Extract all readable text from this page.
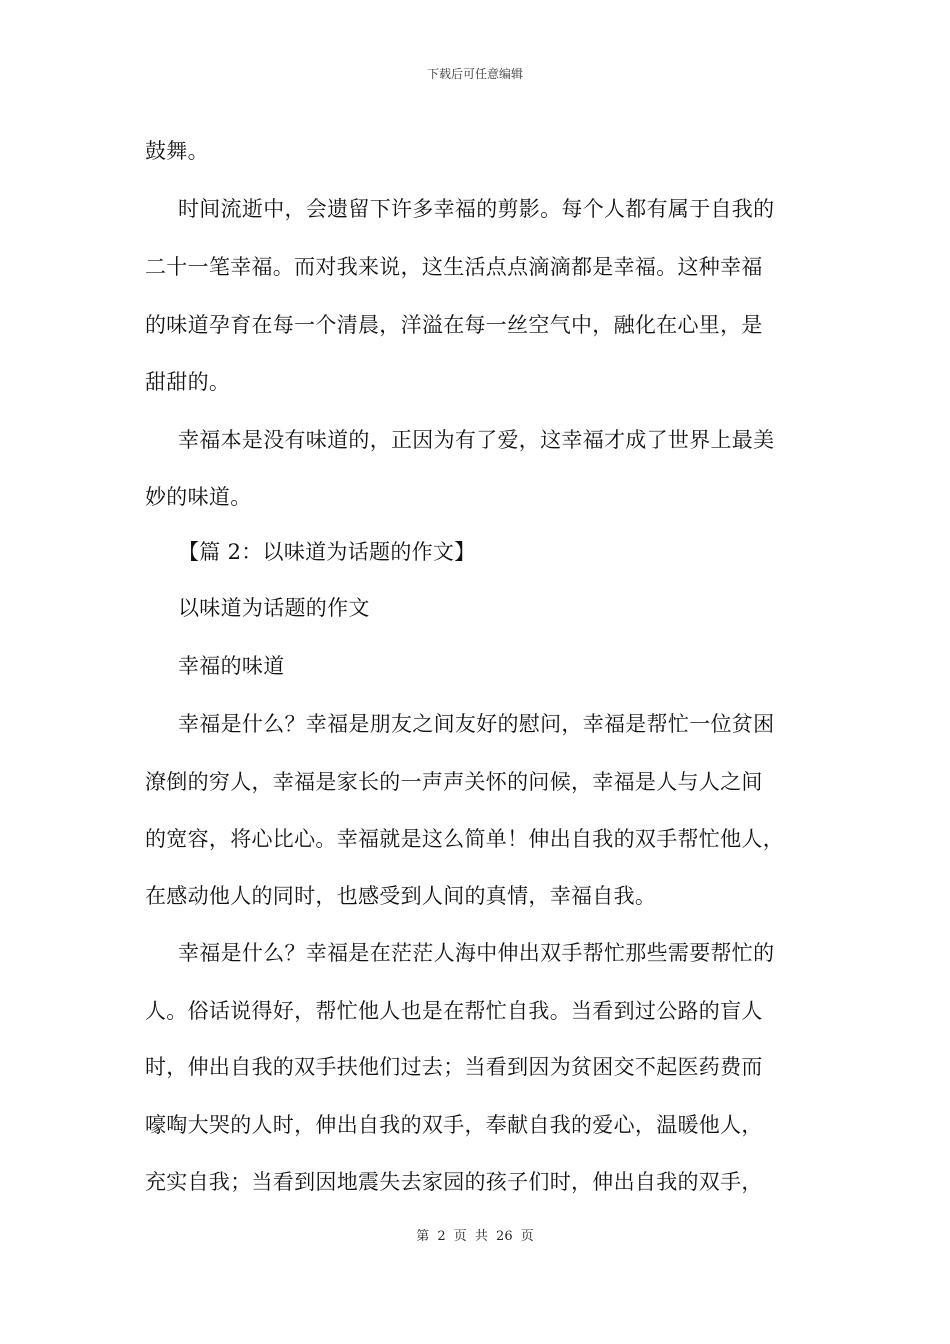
下载后可任意编辑
鼓舞。
时间流逝中，会遗留下许多幸福的剪影。每个人都有属于自我的
二十一笔幸福。而对我来说，这生活点点滴滴都是幸福。这种幸福
的味道孕育在每一个清晨，洋溢在每一丝空气中，融化在心里，是
甜甜的。
幸福本是没有味道的，正因为有了爱，这幸福才成了世界上最美
妙的味道。
【篇 2：以味道为话题的作文】
以味道为话题的作文
幸福的味道
幸福是什么？幸福是朋友之间友好的慰问，幸福是帮忙一位贫困
潦倒的穷人，幸福是家长的一声声关怀的问候，幸福是人与人之间
的宽容，将心比心。幸福就是这么简单！伸出自我的双手帮忙他人，
在感动他人的同时，也感受到人间的真情，幸福自我。
幸福是什么？幸福是在茫茫人海中伸出双手帮忙那些需要帮忙的
人。俗话说得好，帮忙他人也是在帮忙自我。当看到过公路的盲人
时，伸出自我的双手扶他们过去；当看到因为贫困交不起医药费而
嚎啕大哭的人时，伸出自我的双手，奉献自我的爱心，温暖他人，
充实自我；当看到因地震失去家园的孩子们时，伸出自我的双手，
第 2 页 共 26 页
